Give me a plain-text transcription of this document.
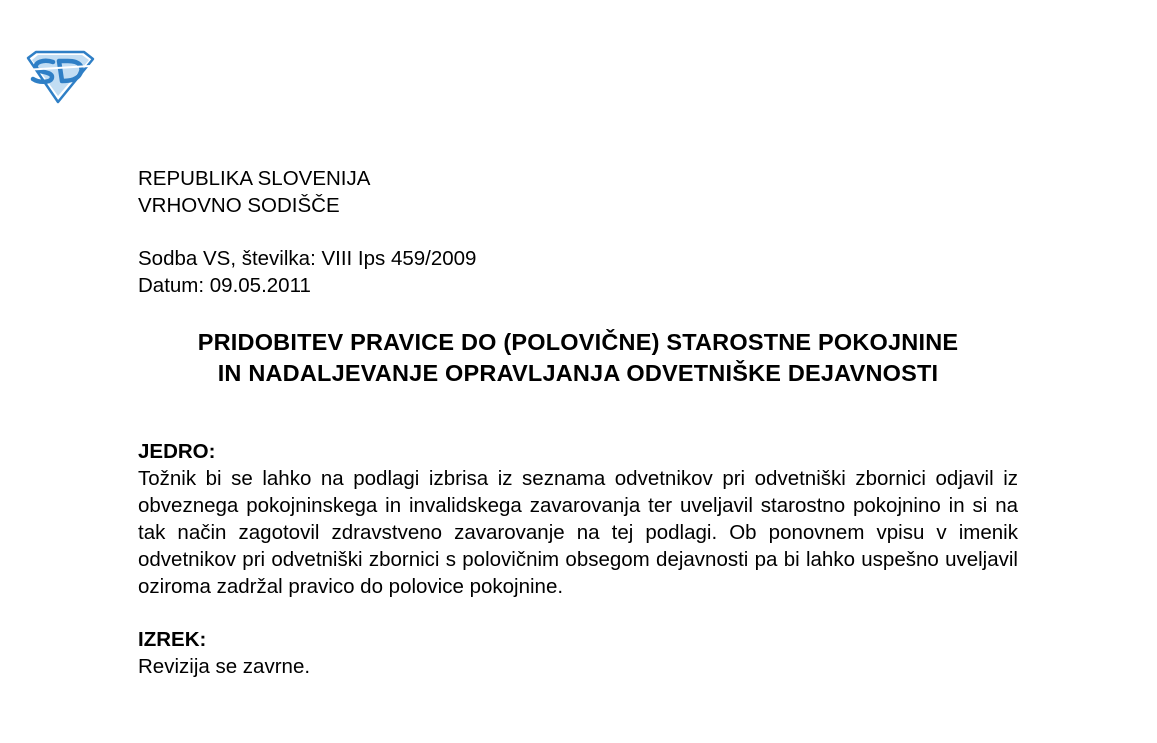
REPUBLIKA SLOVENIJA

VRHOVNO SODIŠČE

Sodba VS, številka: VIII Ips 459/2009

Datum: 09.05.2011

PRIDOBITEV PRAVICE DO (POLOVIČNE) STAROSTNE POKOJNINE

IN NADALJEVANJE OPRAVLJANJA ODVETNIŠKE DEJAVNOSTI

JEDRO:

Tožnik bi se lahko na podlagi izbrisa iz seznama odvetnikov pri odvetniški zbornici odjavil iz obveznega pokojninskega in invalidskega zavarovanja ter uveljavil starostno pokojnino in si na tak način zagotovil zdravstveno zavarovanje na tej podlagi. Ob ponovnem vpisu v imenik odvetnikov pri odvetniški zbornici s polovičnim obsegom dejavnosti pa bi lahko uspešno uveljavil oziroma zadržal pravico do polovice pokojnine.

IZREK:

Revizija se zavrne.
